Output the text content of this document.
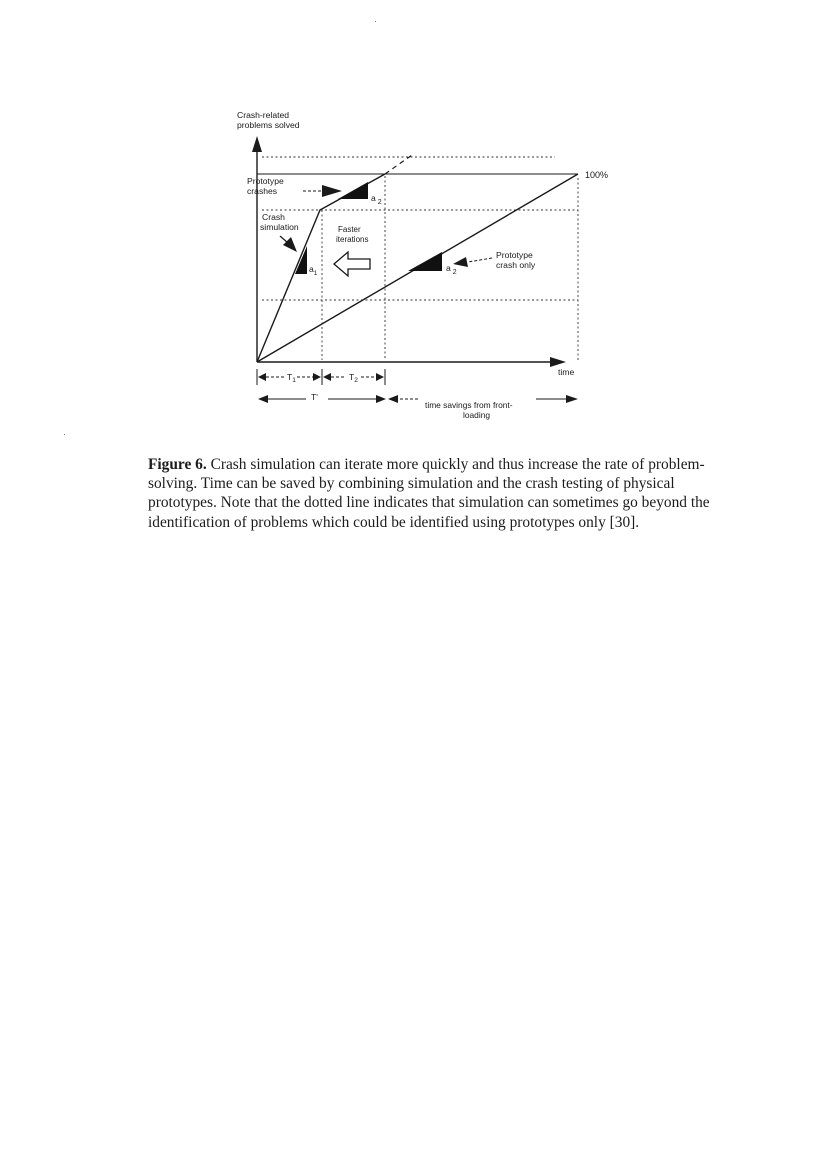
Crash-related
problems solved
100%
Prototype
crashes
Crash
simulation	Faster
iterations
Prototype
crash only
$a_1$
a $_2$
a $_2$
time
$T_1$	$T_2$
T'
time savings from front-
loading

Figure 6. Crash simulation can iterate more quickly and thus increase the rate of problem-solving. Time can be saved by combining simulation and the crash testing of physical prototypes. Note that the dotted line indicates that simulation can sometimes go beyond the identification of problems which could be identified using prototypes only [30].
